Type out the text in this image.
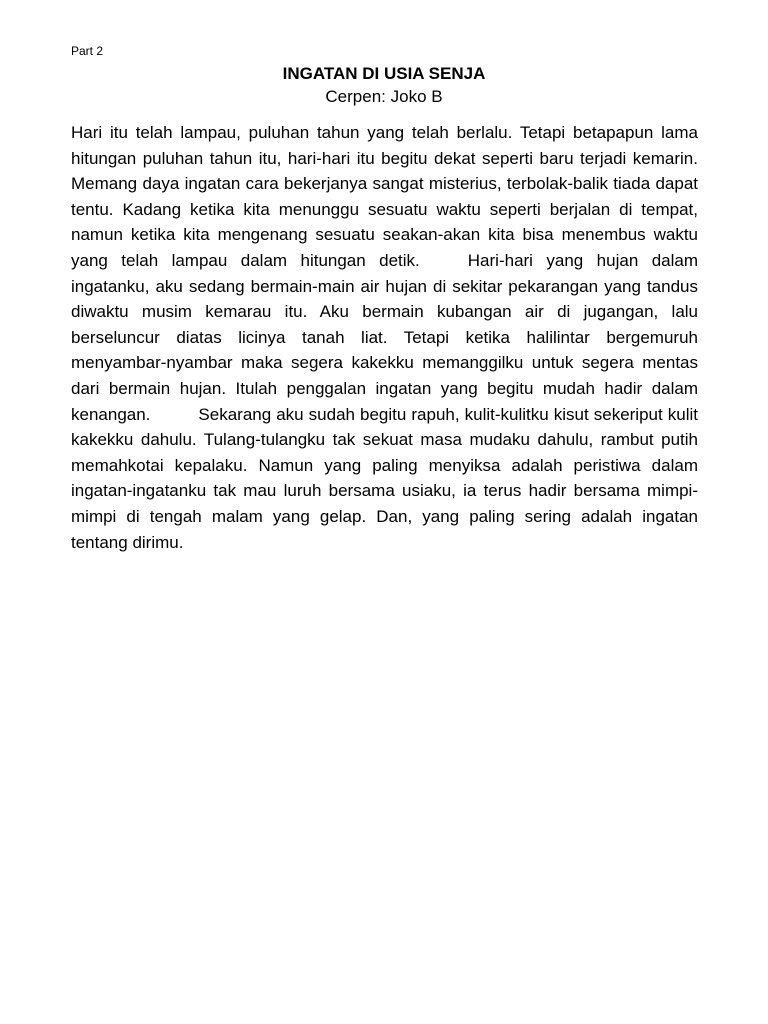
Part 2
INGATAN DI USIA SENJA
Cerpen: Joko B
Hari itu telah lampau, puluhan tahun yang telah berlalu. Tetapi betapapun lama hitungan puluhan tahun itu, hari-hari itu begitu dekat seperti baru terjadi kemarin. Memang daya ingatan cara bekerjanya sangat misterius, terbolak-balik tiada dapat tentu. Kadang ketika kita menunggu sesuatu waktu seperti berjalan di tempat, namun ketika kita mengenang sesuatu seakan-akan kita bisa menembus waktu yang telah lampau dalam hitungan detik.	Hari-hari yang hujan dalam ingatanku, aku sedang bermain-main air hujan di sekitar pekarangan yang tandus diwaktu musim kemarau itu. Aku bermain kubangan air di jugangan, lalu berseluncur diatas licinya tanah liat. Tetapi ketika halilintar bergemuruh menyambar-nyambar maka segera kakekku memanggilku untuk segera mentas dari bermain hujan. Itulah penggalan ingatan yang begitu mudah hadir dalam kenangan.	Sekarang aku sudah begitu rapuh, kulit-kulitku kisut sekeriput kulit kakekku dahulu. Tulang-tulangku tak sekuat masa mudaku dahulu, rambut putih memahkotai kepalaku. Namun yang paling menyiksa adalah peristiwa dalam ingatan-ingatanku tak mau luruh bersama usiaku, ia terus hadir bersama mimpi-mimpi di tengah malam yang gelap. Dan, yang paling sering adalah ingatan tentang dirimu.
